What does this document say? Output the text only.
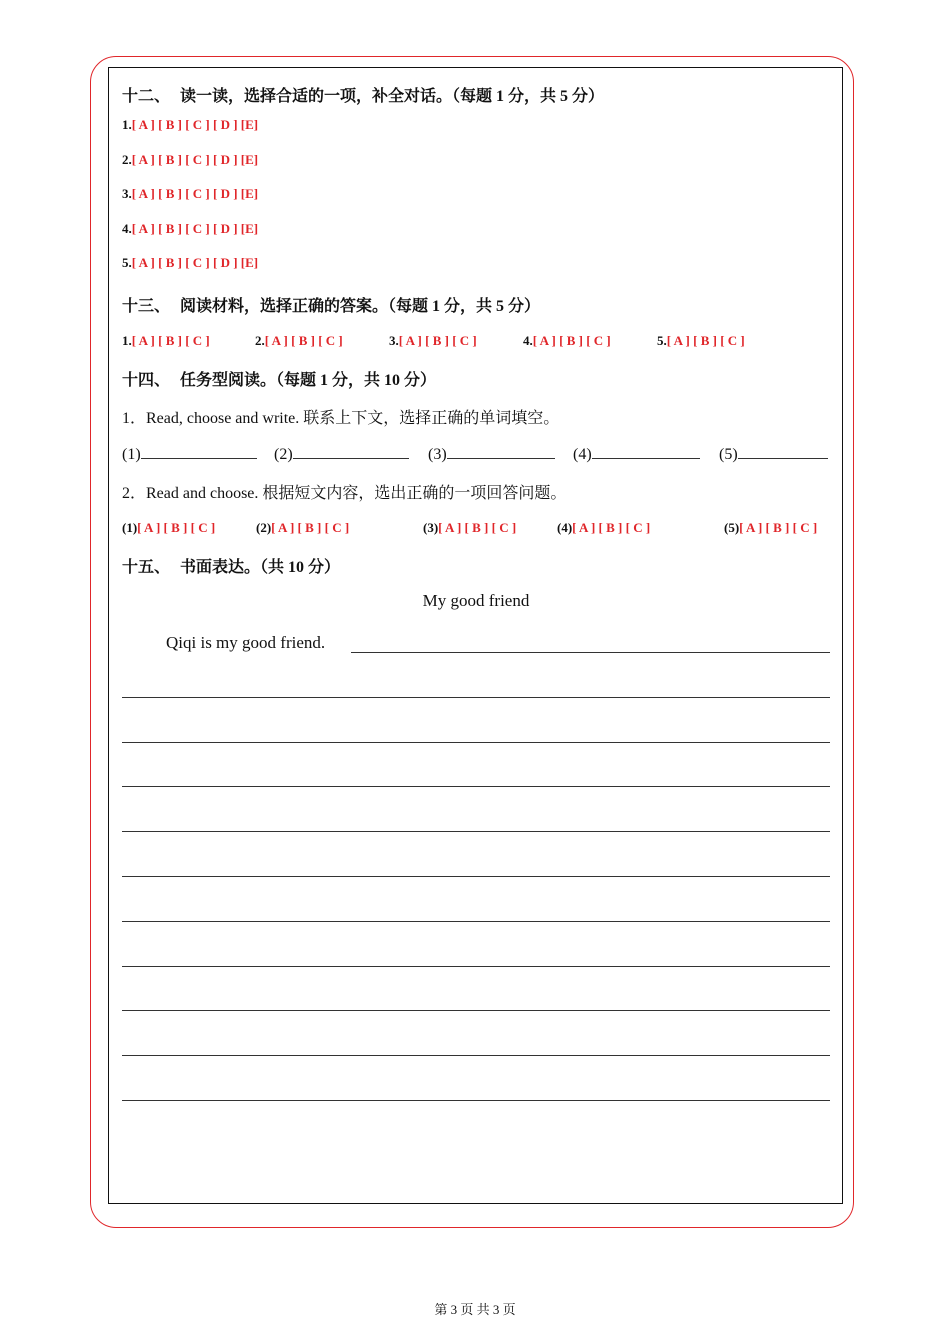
十二、 读一读，选择合适的一项，补全对话。（每题 1 分，共 5 分）
1.[ A ] [ B ] [ C ] [ D ] [E]
2.[ A ] [ B ] [ C ] [ D ] [E]
3.[ A ] [ B ] [ C ] [ D ] [E]
4.[ A ] [ B ] [ C ] [ D ] [E]
5.[ A ] [ B ] [ C ] [ D ] [E]
十三、 阅读材料，选择正确的答案。（每题 1 分，共 5 分）
1.[ A ] [ B ] [ C ]	2.[ A ] [ B ] [ C ]	3.[ A ] [ B ] [ C ]	4.[ A ] [ B ] [ C ]	5.[ A ] [ B ] [ C ]
十四、 任务型阅读。（每题 1 分，共 10 分）
1．Read, choose and write. 联系上下文，选择正确的单词填空。
(1)	(2)	(3)	(4)	(5)
2．Read and choose. 根据短文内容，选出正确的一项回答问题。
(1)[ A ] [ B ] [ C ]	(2)[ A ] [ B ] [ C ]	(3)[ A ] [ B ] [ C ]	(4)[ A ] [ B ] [ C ]	(5)[ A ] [ B ] [ C ]
十五、 书面表达。（共 10 分）
My good friend
Qiqi is my good friend.
第 3 页 共 3 页
